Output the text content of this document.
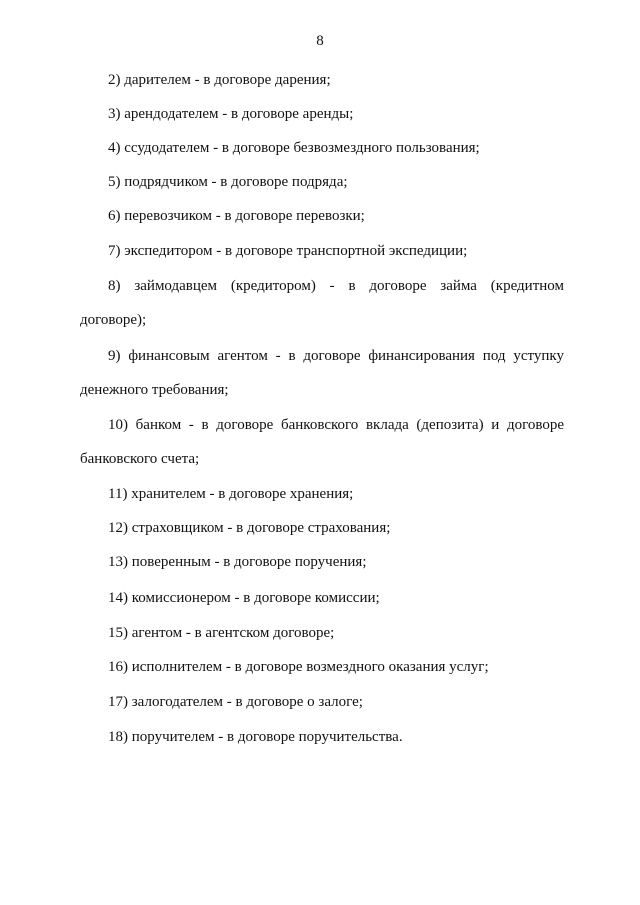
8

2) дарителем - в договоре дарения;

3) арендодателем - в договоре аренды;

4) ссудодателем - в договоре безвозмездного пользования;

5) подрядчиком - в договоре подряда;

6) перевозчиком - в договоре перевозки;

7) экспедитором - в договоре транспортной экспедиции;

8) займодавцем (кредитором) - в договоре займа (кредитном
договоре);
9) финансовым агентом - в договоре финансирования под уступку
денежного требования;
10) банком - в договоре банковского вклада (депозита) и договоре
банковского счета;

11) хранителем - в договоре хранения;

12) страховщиком - в договоре страхования;

13) поверенным - в договоре поручения;

14) комиссионером - в договоре комиссии;

15) агентом - в агентском договоре;

16) исполнителем - в договоре возмездного оказания услуг;

17) залогодателем - в договоре о залоге;

18) поручителем - в договоре поручительства.
